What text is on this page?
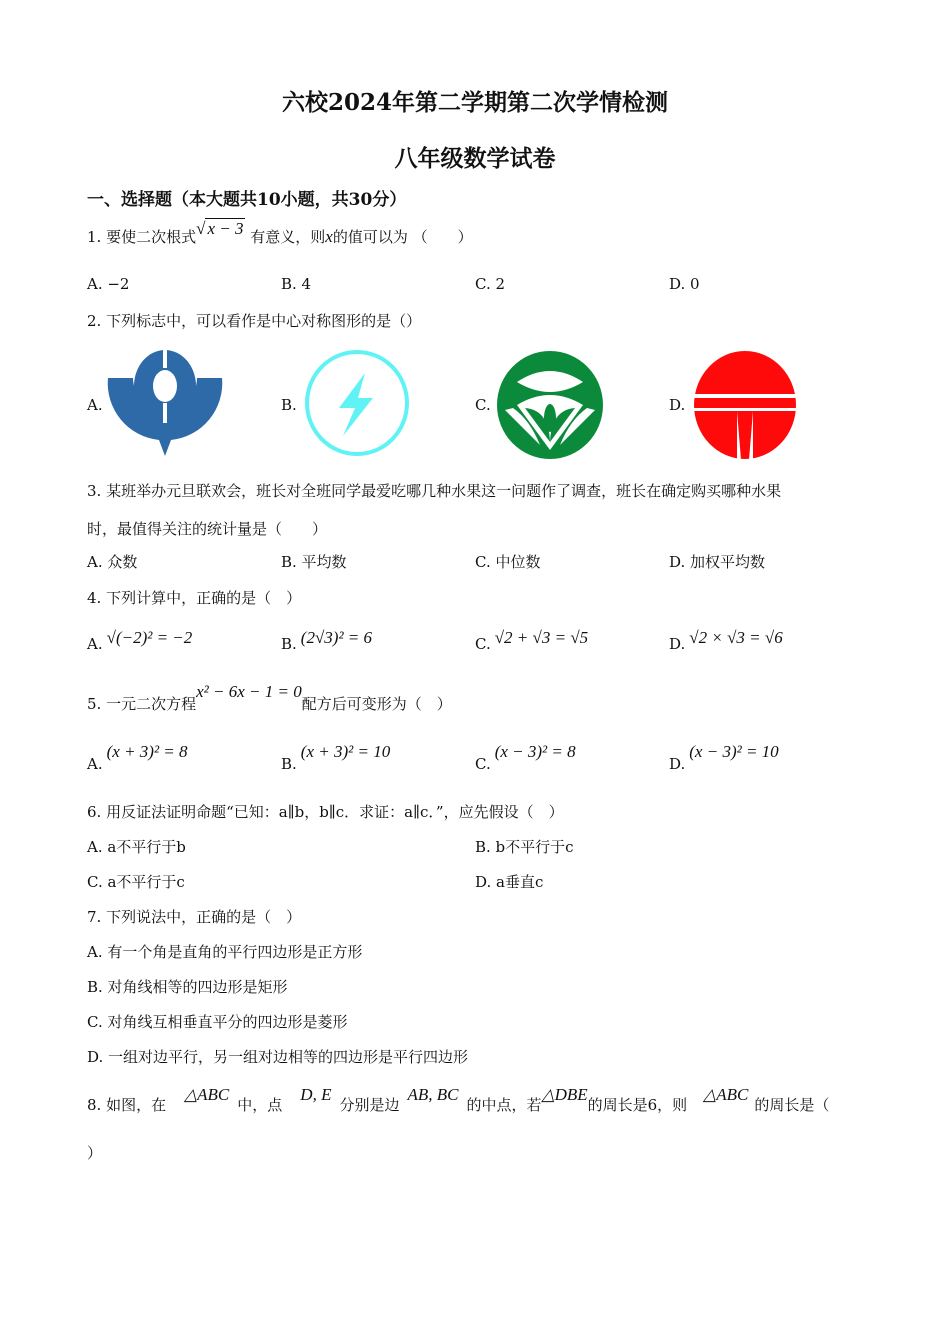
六校2024年第二学期第二次学情检测
八年级数学试卷
一、选择题（本大题共10小题，共30分）
1. 要使二次根式√ x − 3 有意义，则x的值可以为 （　　）
A. −2	B. 4	C. 2	D. 0
2. 下列标志中，可以看作是中心对称图形的是（）
A.	B.	C.	D.
3. 某班举办元旦联欢会，班长对全班同学最爱吃哪几种水果这一问题作了调查，班长在确定购买哪种水果
时，最值得关注的统计量是（　　）
A. 众数	B. 平均数	C. 中位数	D. 加权平均数
4. 下列计算中，正确的是（　）
A. √(−2)² = −2	B. (2√3)² = 6	C. √2 + √3 = √5	D. √2 × √3 = √6
5. 一元二次方程x² − 6x − 1 = 0配方后可变形为（　）
A.(x + 3)² = 8
B.(x + 3)² = 10
C.(x − 3)² = 8
D.(x − 3)² = 10
6. 用反证法证明命题“已知：a∥b，b∥c．求证：a∥c．”，应先假设（　）
A. a不平行于b	B. b不平行于c
C. a不平行于c	D. a垂直c
7. 下列说法中，正确的是（　）
A. 有一个角是直角的平行四边形是正方形
B. 对角线相等的四边形是矩形
C. 对角线互相垂直平分的四边形是菱形
D. 一组对边平行，另一组对边相等的四边形是平行四边形
8. 如图，在△ABC中，点D, E分别是边AB, BC的中点，若△DBE的周长是6，则△ABC的周长是（
）
